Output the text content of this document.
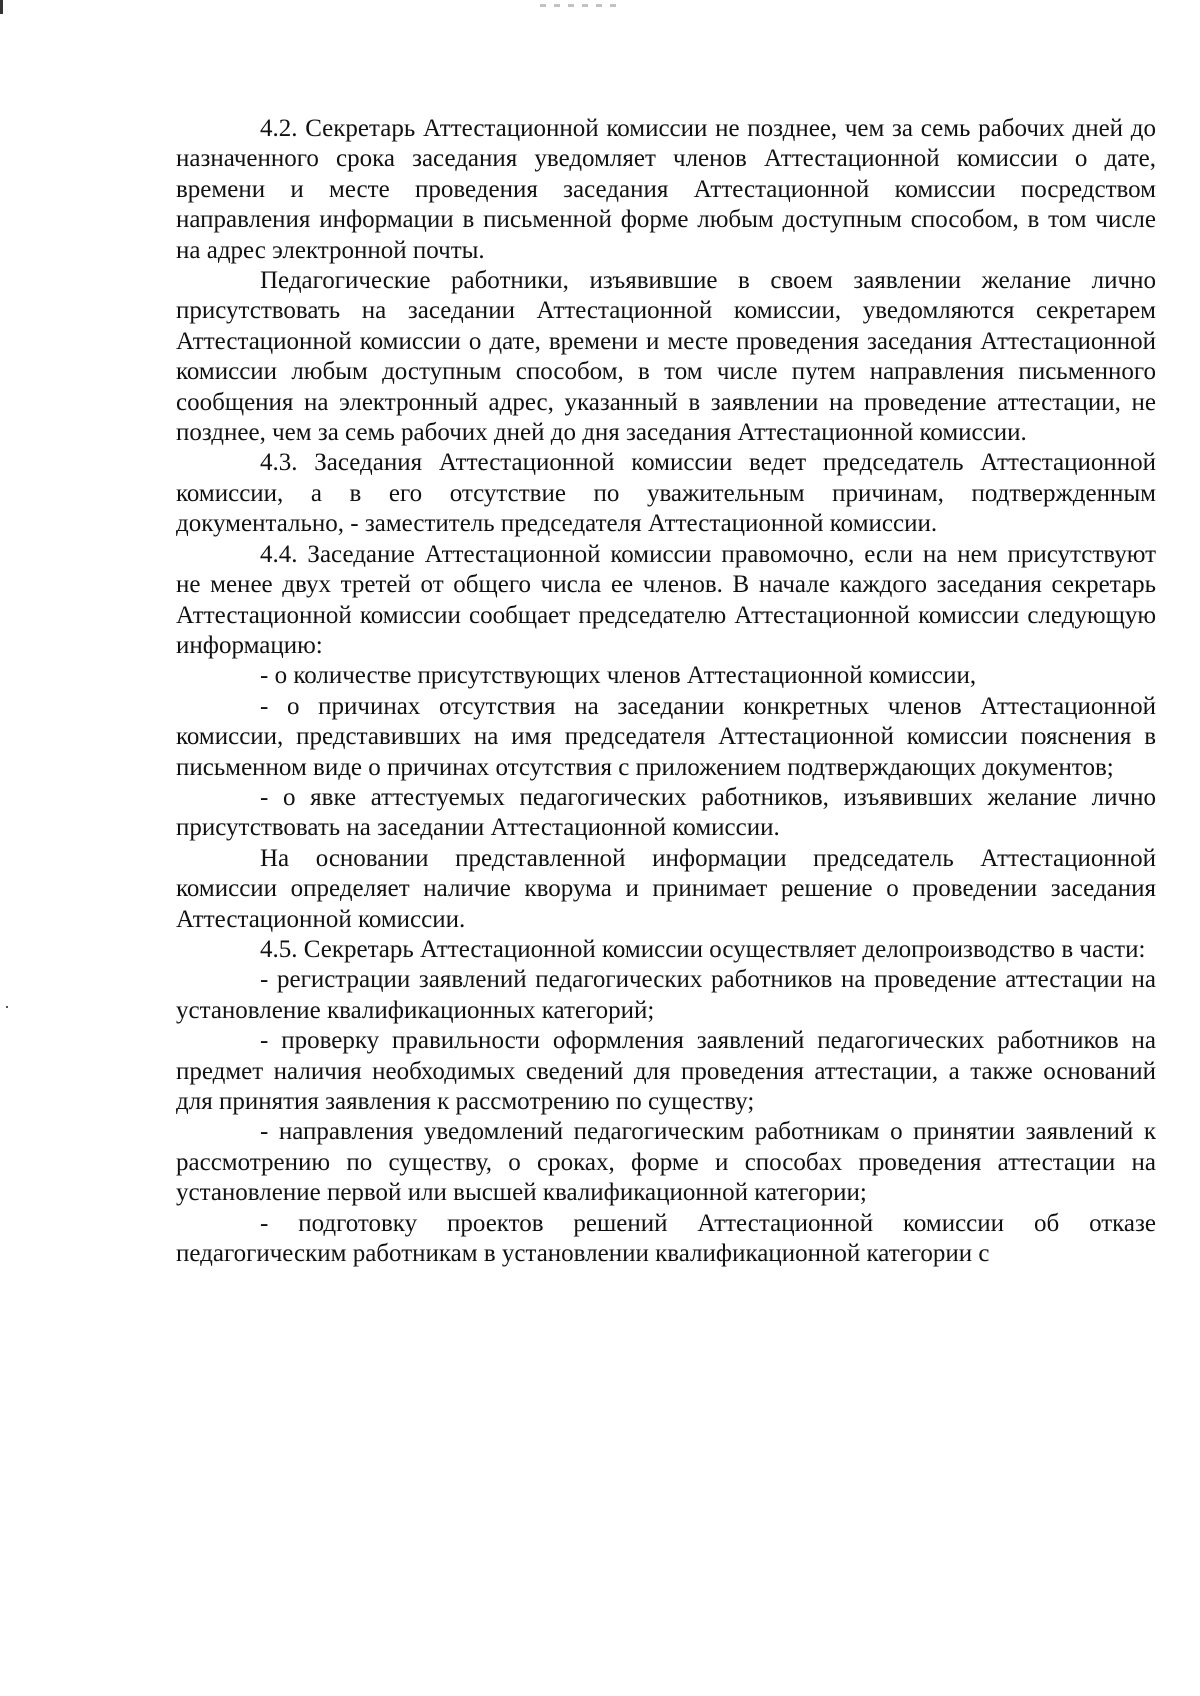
4.2. Секретарь Аттестационной комиссии не позднее, чем за семь рабочих дней до назначенного срока заседания уведомляет членов Аттестационной комиссии о дате, времени и месте проведения заседания Аттестационной комиссии посредством направления информации в письменной форме любым доступным способом, в том числе на адрес электронной почты.

Педагогические работники, изъявившие в своем заявлении желание лично присутствовать на заседании Аттестационной комиссии, уведомляются секретарем Аттестационной комиссии о дате, времени и месте проведения заседания Аттестационной комиссии любым доступным способом, в том числе путем направления письменного сообщения на электронный адрес, указанный в заявлении на проведение аттестации, не позднее, чем за семь рабочих дней до дня заседания Аттестационной комиссии.

4.3. Заседания Аттестационной комиссии ведет председатель Аттестационной комиссии, а в его отсутствие по уважительным причинам, подтвержденным документально, - заместитель председателя Аттестационной комиссии.

4.4. Заседание Аттестационной комиссии правомочно, если на нем присутствуют не менее двух третей от общего числа ее членов. В начале каждого заседания секретарь Аттестационной комиссии сообщает председателю Аттестационной комиссии следующую информацию:

- о количестве присутствующих членов Аттестационной комиссии,

- о причинах отсутствия на заседании конкретных членов Аттестационной комиссии, представивших на имя председателя Аттестационной комиссии пояснения в письменном виде о причинах отсутствия с приложением подтверждающих документов;

- о явке аттестуемых педагогических работников, изъявивших желание лично присутствовать на заседании Аттестационной комиссии.

На основании представленной информации председатель Аттестационной комиссии определяет наличие кворума и принимает решение о проведении заседания Аттестационной комиссии.

4.5. Секретарь Аттестационной комиссии осуществляет делопроизводство в части:

- регистрации заявлений педагогических работников на проведение аттестации на установление квалификационных категорий;

- проверку правильности оформления заявлений педагогических работников на предмет наличия необходимых сведений для проведения аттестации, а также оснований для принятия заявления к рассмотрению по существу;

- направления уведомлений педагогическим работникам о принятии заявлений к рассмотрению по существу, о сроках, форме и способах проведения аттестации на установление первой или высшей квалификационной категории;

- подготовку проектов решений Аттестационной комиссии об отказе педагогическим работникам в установлении квалификационной категории с
